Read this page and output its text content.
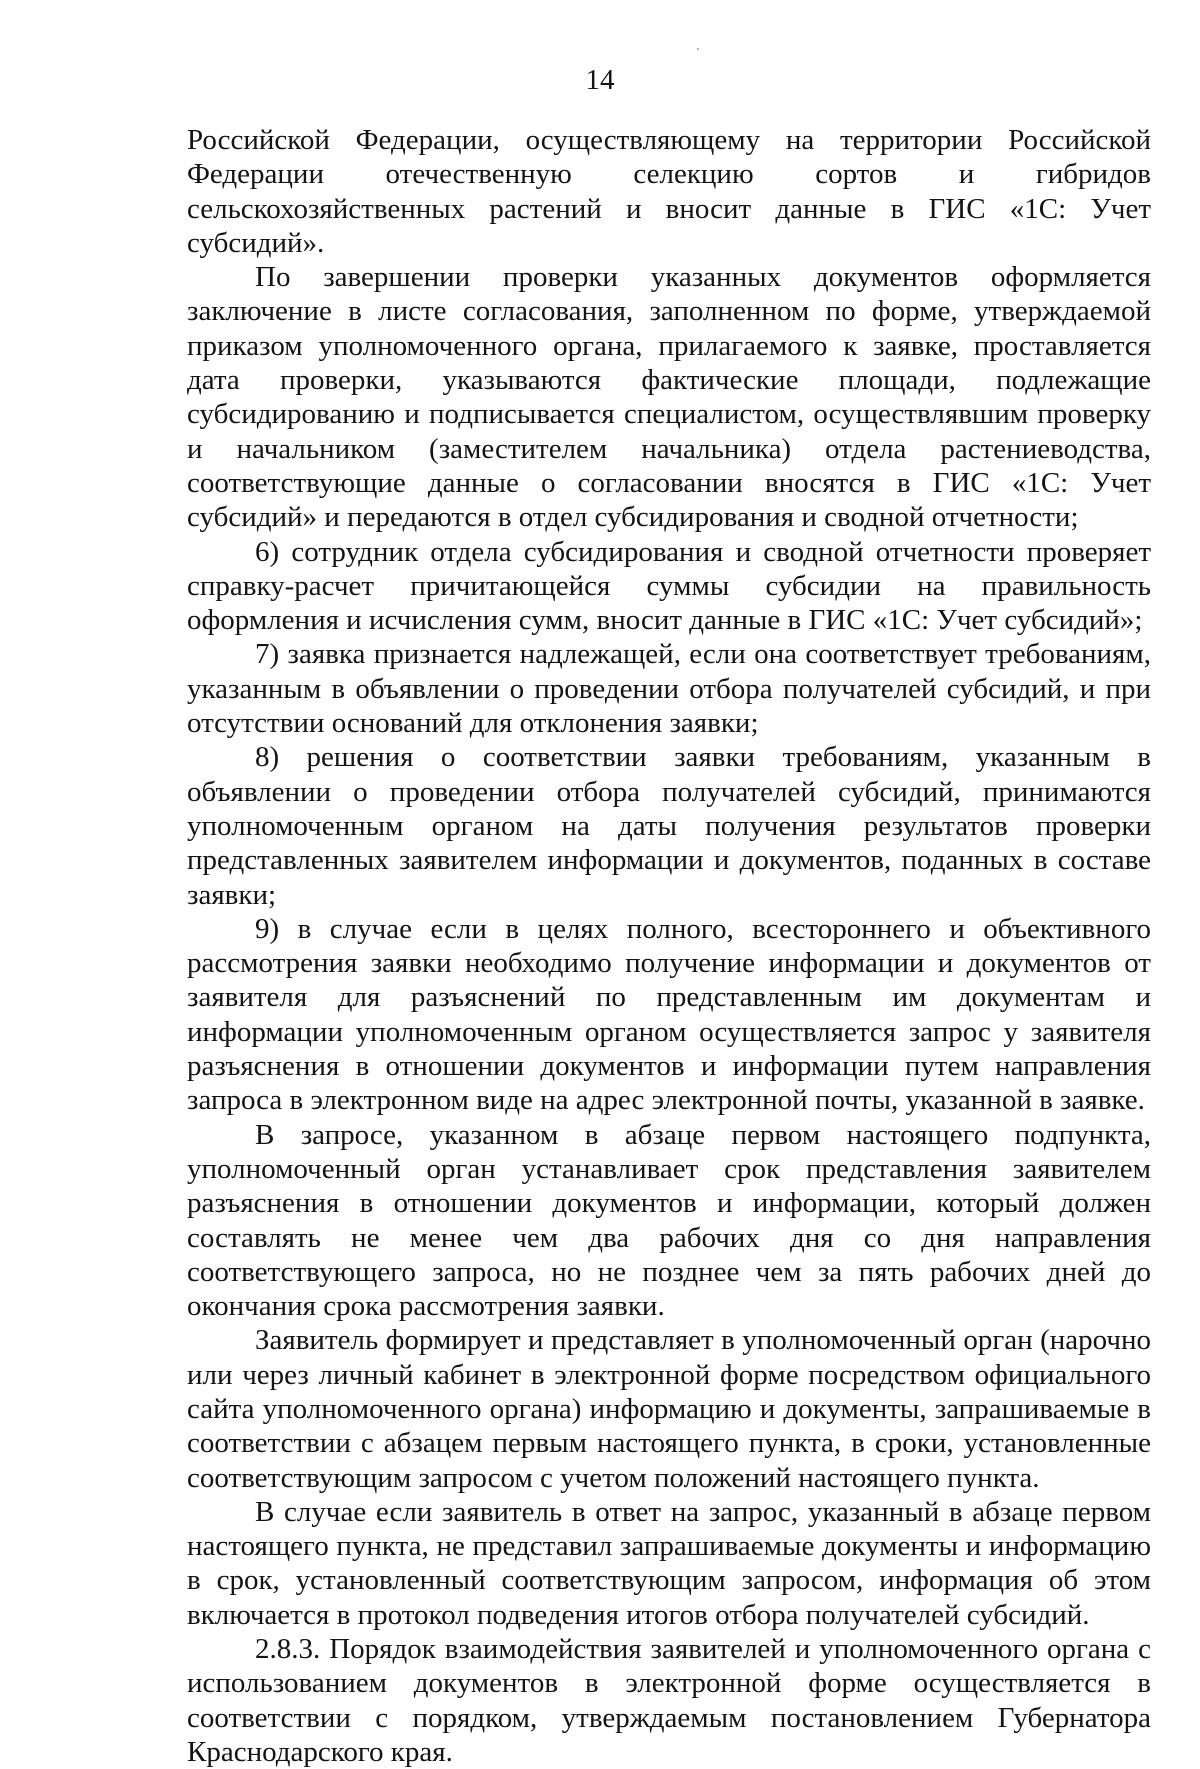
14

Российской Федерации, осуществляющему на территории Российской Федерации отечественную селекцию сортов и гибридов сельскохозяйственных растений и вносит данные в ГИС «1С: Учет субсидий».

По завершении проверки указанных документов оформляется заключение в листе согласования, заполненном по форме, утверждаемой приказом уполномоченного органа, прилагаемого к заявке, проставляется дата проверки, указываются фактические площади, подлежащие субсидированию и подписывается специалистом, осуществлявшим проверку и начальником (заместителем начальника) отдела растениеводства, соответствующие данные о согласовании вносятся в ГИС «1С: Учет субсидий» и передаются в отдел субсидирования и сводной отчетности;

6) сотрудник отдела субсидирования и сводной отчетности проверяет справку-расчет причитающейся суммы субсидии на правильность оформления и исчисления сумм, вносит данные в ГИС «1С: Учет субсидий»;

7) заявка признается надлежащей, если она соответствует требованиям, указанным в объявлении о проведении отбора получателей субсидий, и при отсутствии оснований для отклонения заявки;

8) решения о соответствии заявки требованиям, указанным в объявлении о проведении отбора получателей субсидий, принимаются уполномоченным органом на даты получения результатов проверки представленных заявителем информации и документов, поданных в составе заявки;

9) в случае если в целях полного, всестороннего и объективного рассмотрения заявки необходимо получение информации и документов от заявителя для разъяснений по представленным им документам и информации уполномоченным органом осуществляется запрос у заявителя разъяснения в отношении документов и информации путем направления запроса в электронном виде на адрес электронной почты, указанной в заявке.

В запросе, указанном в абзаце первом настоящего подпункта, уполномоченный орган устанавливает срок представления заявителем разъяснения в отношении документов и информации, который должен составлять не менее чем два рабочих дня со дня направления соответствующего запроса, но не позднее чем за пять рабочих дней до окончания срока рассмотрения заявки.

Заявитель формирует и представляет в уполномоченный орган (нарочно или через личный кабинет в электронной форме посредством официального сайта уполномоченного органа) информацию и документы, запрашиваемые в соответствии с абзацем первым настоящего пункта, в сроки, установленные соответствующим запросом с учетом положений настоящего пункта.

В случае если заявитель в ответ на запрос, указанный в абзаце первом настоящего пункта, не представил запрашиваемые документы и информацию в срок, установленный соответствующим запросом, информация об этом включается в протокол подведения итогов отбора получателей субсидий.

2.8.3. Порядок взаимодействия заявителей и уполномоченного органа с использованием документов в электронной форме осуществляется в соответствии с порядком, утверждаемым постановлением Губернатора Краснодарского края.
